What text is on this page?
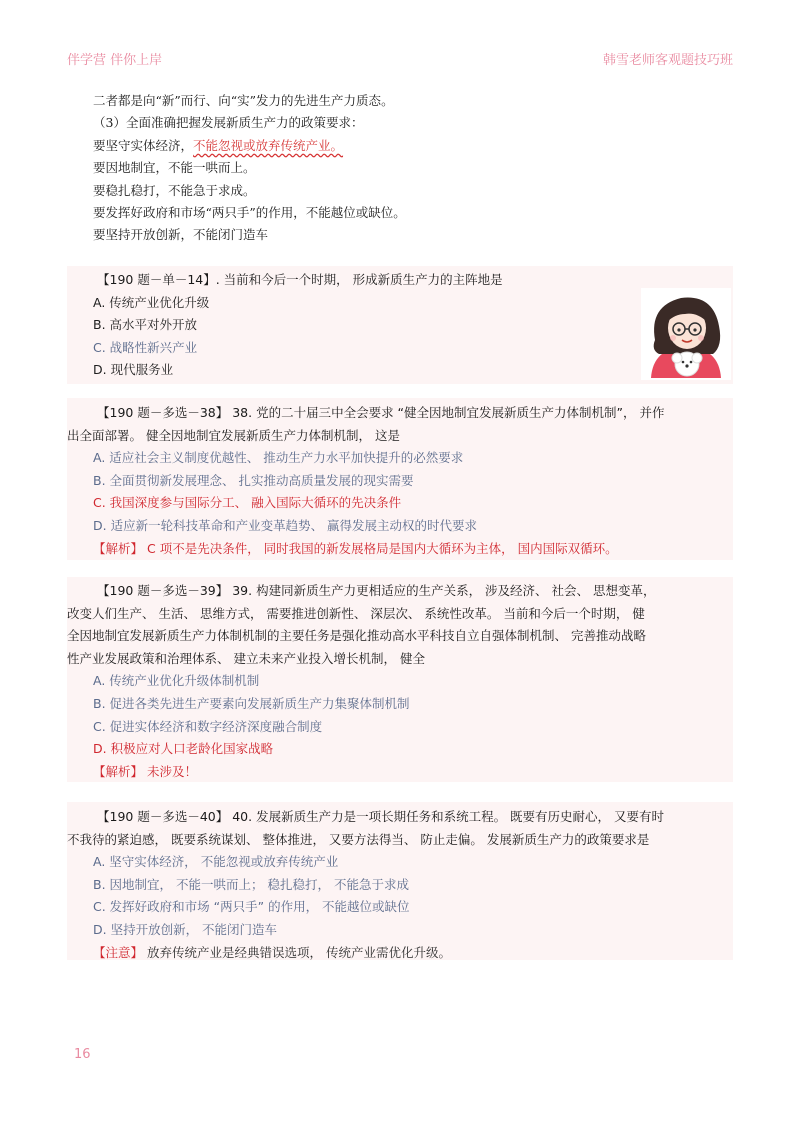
伴学营 伴你上岸	韩雪老师客观题技巧班

二者都是向“新”而行、向“实”发力的先进生产力质态。

（3）全面准确把握发展新质生产力的政策要求：

要坚守实体经济，不能忽视或放弃传统产业。

要因地制宜，不能一哄而上。

要稳扎稳打，不能急于求成。

要发挥好政府和市场“两只手”的作用，不能越位或缺位。

要坚持开放创新，不能闭门造车

【190 题－单－14】. 当前和今后一个时期， 形成新质生产力的主阵地是

A. 传统产业优化升级

B. 高水平对外开放

C. 战略性新兴产业

D. 现代服务业

【190 题－多选－38】 38. 党的二十届三中全会要求 “健全因地制宜发展新质生产力体制机制”， 并作

出全面部署。 健全因地制宜发展新质生产力体制机制， 这是

A. 适应社会主义制度优越性、 推动生产力水平加快提升的必然要求

B. 全面贯彻新发展理念、 扎实推动高质量发展的现实需要

C. 我国深度参与国际分工、 融入国际大循环的先决条件

D. 适应新一轮科技革命和产业变革趋势、 赢得发展主动权的时代要求

【解析】 C 项不是先决条件， 同时我国的新发展格局是国内大循环为主体， 国内国际双循环。

【190 题－多选－39】 39. 构建同新质生产力更相适应的生产关系， 涉及经济、 社会、 思想变革，

改变人们生产、 生活、 思维方式， 需要推进创新性、 深层次、 系统性改革。 当前和今后一个时期， 健

全因地制宜发展新质生产力体制机制的主要任务是强化推动高水平科技自立自强体制机制、 完善推动战略

性产业发展政策和治理体系、 建立未来产业投入增长机制， 健全

A. 传统产业优化升级体制机制

B. 促进各类先进生产要素向发展新质生产力集聚体制机制

C. 促进实体经济和数字经济深度融合制度

D. 积极应对人口老龄化国家战略

【解析】 未涉及！

【190 题－多选－40】 40. 发展新质生产力是一项长期任务和系统工程。 既要有历史耐心， 又要有时

不我待的紧迫感， 既要系统谋划、 整体推进， 又要方法得当、 防止走偏。 发展新质生产力的政策要求是

A. 坚守实体经济， 不能忽视或放弃传统产业

B. 因地制宜， 不能一哄而上； 稳扎稳打， 不能急于求成

C. 发挥好政府和市场 “两只手” 的作用， 不能越位或缺位

D. 坚持开放创新， 不能闭门造车

【注意】 放弃传统产业是经典错误选项， 传统产业需优化升级。

16
